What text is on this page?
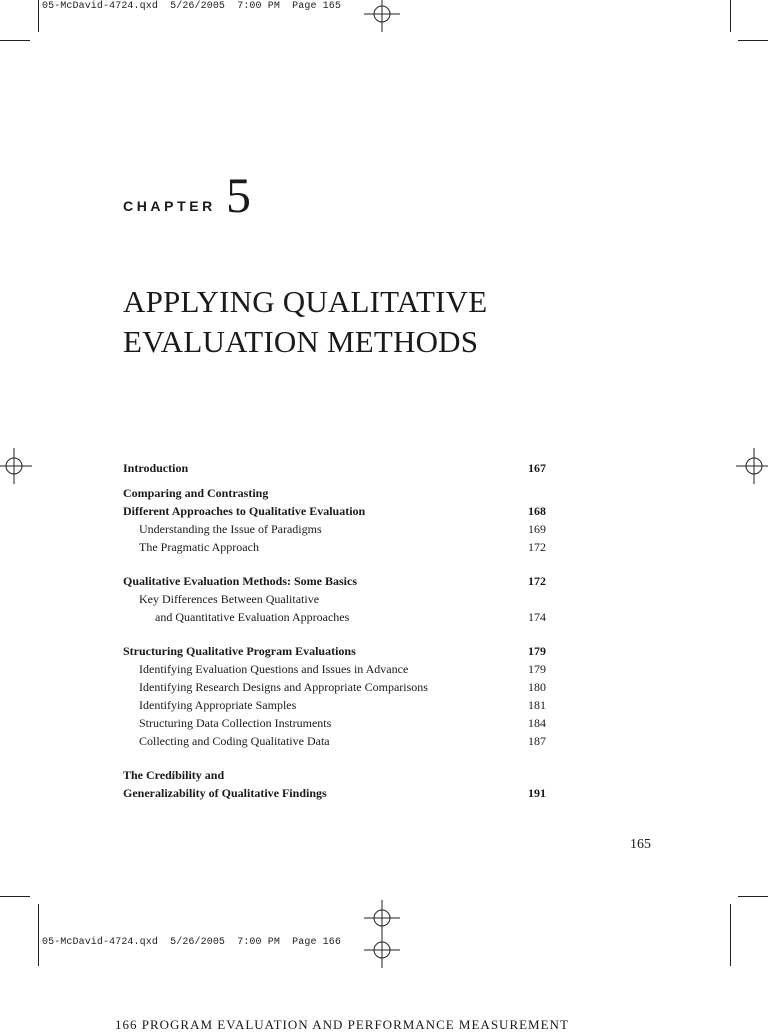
05-McDavid-4724.qxd  5/26/2005  7:00 PM  Page 165
CHAPTER 5
APPLYING QUALITATIVE
EVALUATION METHODS
Introduction	167
Comparing and Contrasting
Different Approaches to Qualitative Evaluation	168
Understanding the Issue of Paradigms	169
The Pragmatic Approach	172
Qualitative Evaluation Methods: Some Basics	172
Key Differences Between Qualitative
and Quantitative Evaluation Approaches	174
Structuring Qualitative Program Evaluations	179
Identifying Evaluation Questions and Issues in Advance	179
Identifying Research Designs and Appropriate Comparisons	180
Identifying Appropriate Samples	181
Structuring Data Collection Instruments	184
Collecting and Coding Qualitative Data	187
The Credibility and
Generalizability of Qualitative Findings	191
165
05-McDavid-4724.qxd  5/26/2005  7:00 PM  Page 166
166 PROGRAM EVALUATION AND PERFORMANCE MEASUREMENT
